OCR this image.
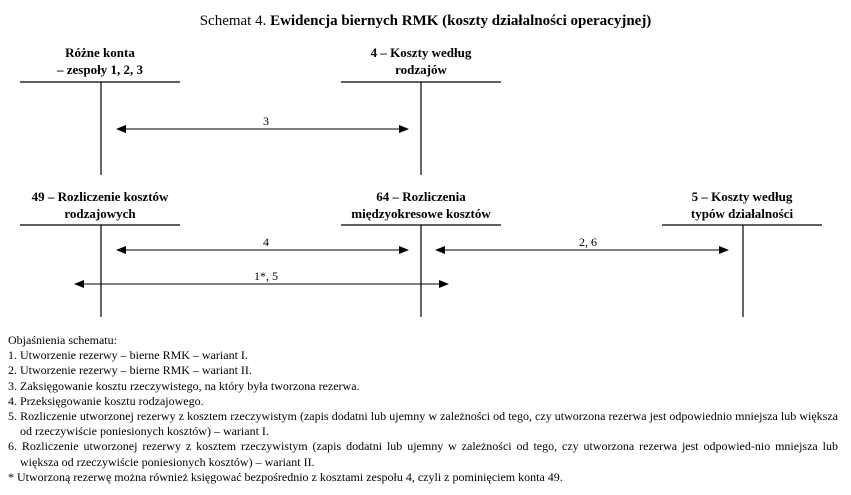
Schemat 4. Ewidencja biernych RMK (koszty działalności operacyjnej)
Różne konta
– zespoły 1, 2, 3
4 – Koszty według
rodzajów
49 – Rozliczenie kosztów
rodzajowych
64 – Rozliczenia
międzyokresowe kosztów
5 – Koszty według
typów działalności
3
4	2, 6
1*, 5

Objaśnienia schematu:

1. Utworzenie rezerwy – bierne RMK – wariant I.

2. Utworzenie rezerwy – bierne RMK – wariant II.

3. Zaksięgowanie kosztu rzeczywistego, na który była tworzona rezerwa.

4. Przeksięgowanie kosztu rodzajowego.

5. Rozliczenie utworzonej rezerwy z kosztem rzeczywistym (zapis dodatni lub ujemny w zależności od tego, czy utworzona rezerwa jest odpowiednio mniejsza lub większa od rzeczywiście poniesionych kosztów) – wariant I.

6. Rozliczenie utworzonej rezerwy z kosztem rzeczywistym (zapis dodatni lub ujemny w zależności od tego, czy utworzona rezerwa jest odpowied-nio mniejsza lub większa od rzeczywiście poniesionych kosztów) – wariant II.

* Utworzoną rezerwę można również księgować bezpośrednio z kosztami zespołu 4, czyli z pominięciem konta 49.
